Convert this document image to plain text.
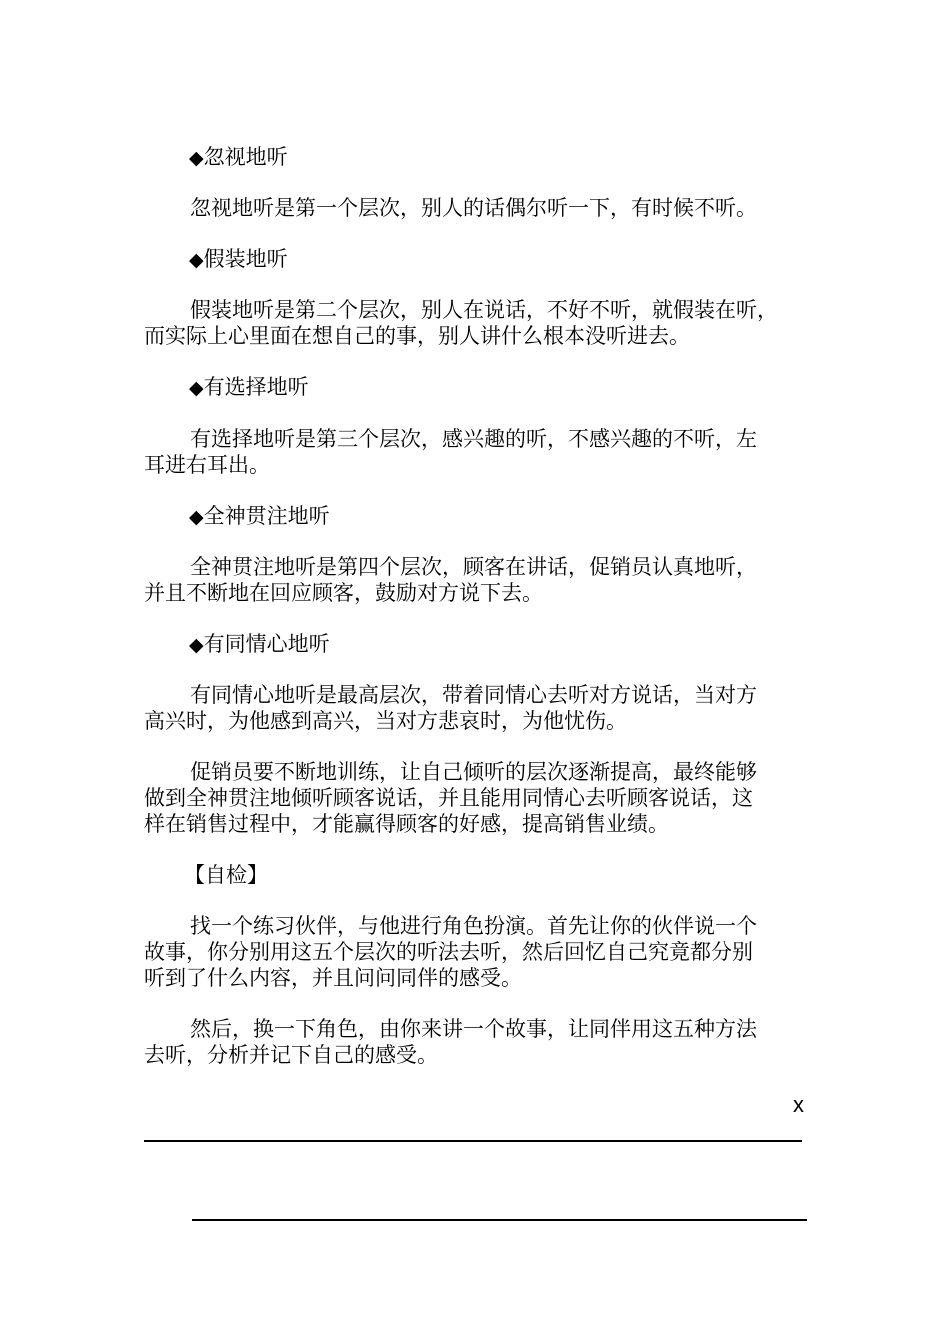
◆忽视地听
忽视地听是第一个层次，别人的话偶尔听一下，有时候不听。
◆假装地听
假装地听是第二个层次，别人在说话，不好不听，就假装在听，
而实际上心里面在想自己的事，别人讲什么根本没听进去。
◆有选择地听
有选择地听是第三个层次，感兴趣的听，不感兴趣的不听，左
耳进右耳出。
◆全神贯注地听
全神贯注地听是第四个层次，顾客在讲话，促销员认真地听，
并且不断地在回应顾客，鼓励对方说下去。
◆有同情心地听
有同情心地听是最高层次，带着同情心去听对方说话，当对方
高兴时，为他感到高兴，当对方悲哀时，为他忧伤。
促销员要不断地训练，让自己倾听的层次逐渐提高，最终能够
做到全神贯注地倾听顾客说话，并且能用同情心去听顾客说话，这
样在销售过程中，才能赢得顾客的好感，提高销售业绩。
【自检】
找一个练习伙伴，与他进行角色扮演。首先让你的伙伴说一个
故事，你分别用这五个层次的听法去听，然后回忆自己究竟都分别
听到了什么内容，并且问问同伴的感受。
然后，换一下角色，由你来讲一个故事，让同伴用这五种方法
去听，分析并记下自己的感受。
x
